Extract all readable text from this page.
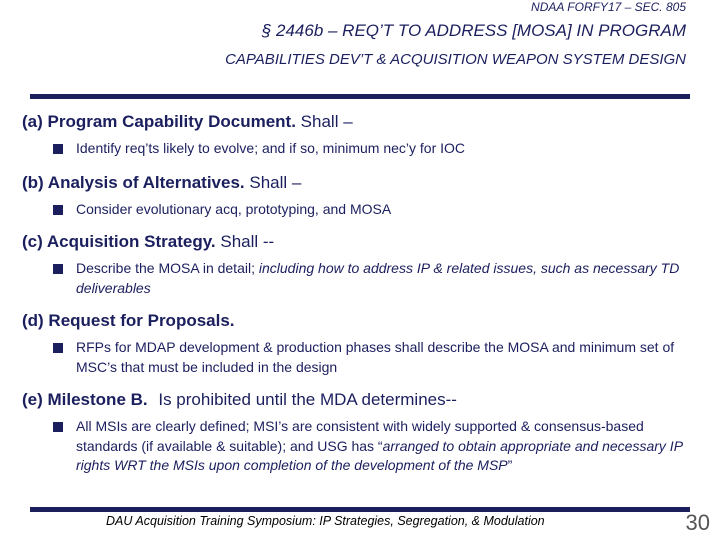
NDAA FORFY17 – SEC. 805
§ 2446b – REQ’T TO ADDRESS [MOSA] IN PROGRAM
CAPABILITIES DEV’T & ACQUISITION WEAPON SYSTEM DESIGN
(a) Program Capability Document. Shall –
Identify req’ts likely to evolve; and if so, minimum nec’y for IOC
(b) Analysis of Alternatives. Shall –
Consider evolutionary acq, prototyping, and MOSA
(c) Acquisition Strategy. Shall --
Describe the MOSA in detail; including how to address IP & related issues, such as necessary TD deliverables
(d) Request for Proposals.
RFPs for MDAP development & production phases shall describe the MOSA and minimum set of MSC’s that must be included in the design
(e) Milestone B. Is prohibited until the MDA determines--
All MSIs are clearly defined; MSI’s are consistent with widely supported & consensus-based standards (if available & suitable); and USG has “arranged to obtain appropriate and necessary IP rights WRT the MSIs upon completion of the development of the MSP”
DAU Acquisition Training Symposium: IP Strategies, Segregation, & Modulation	30
